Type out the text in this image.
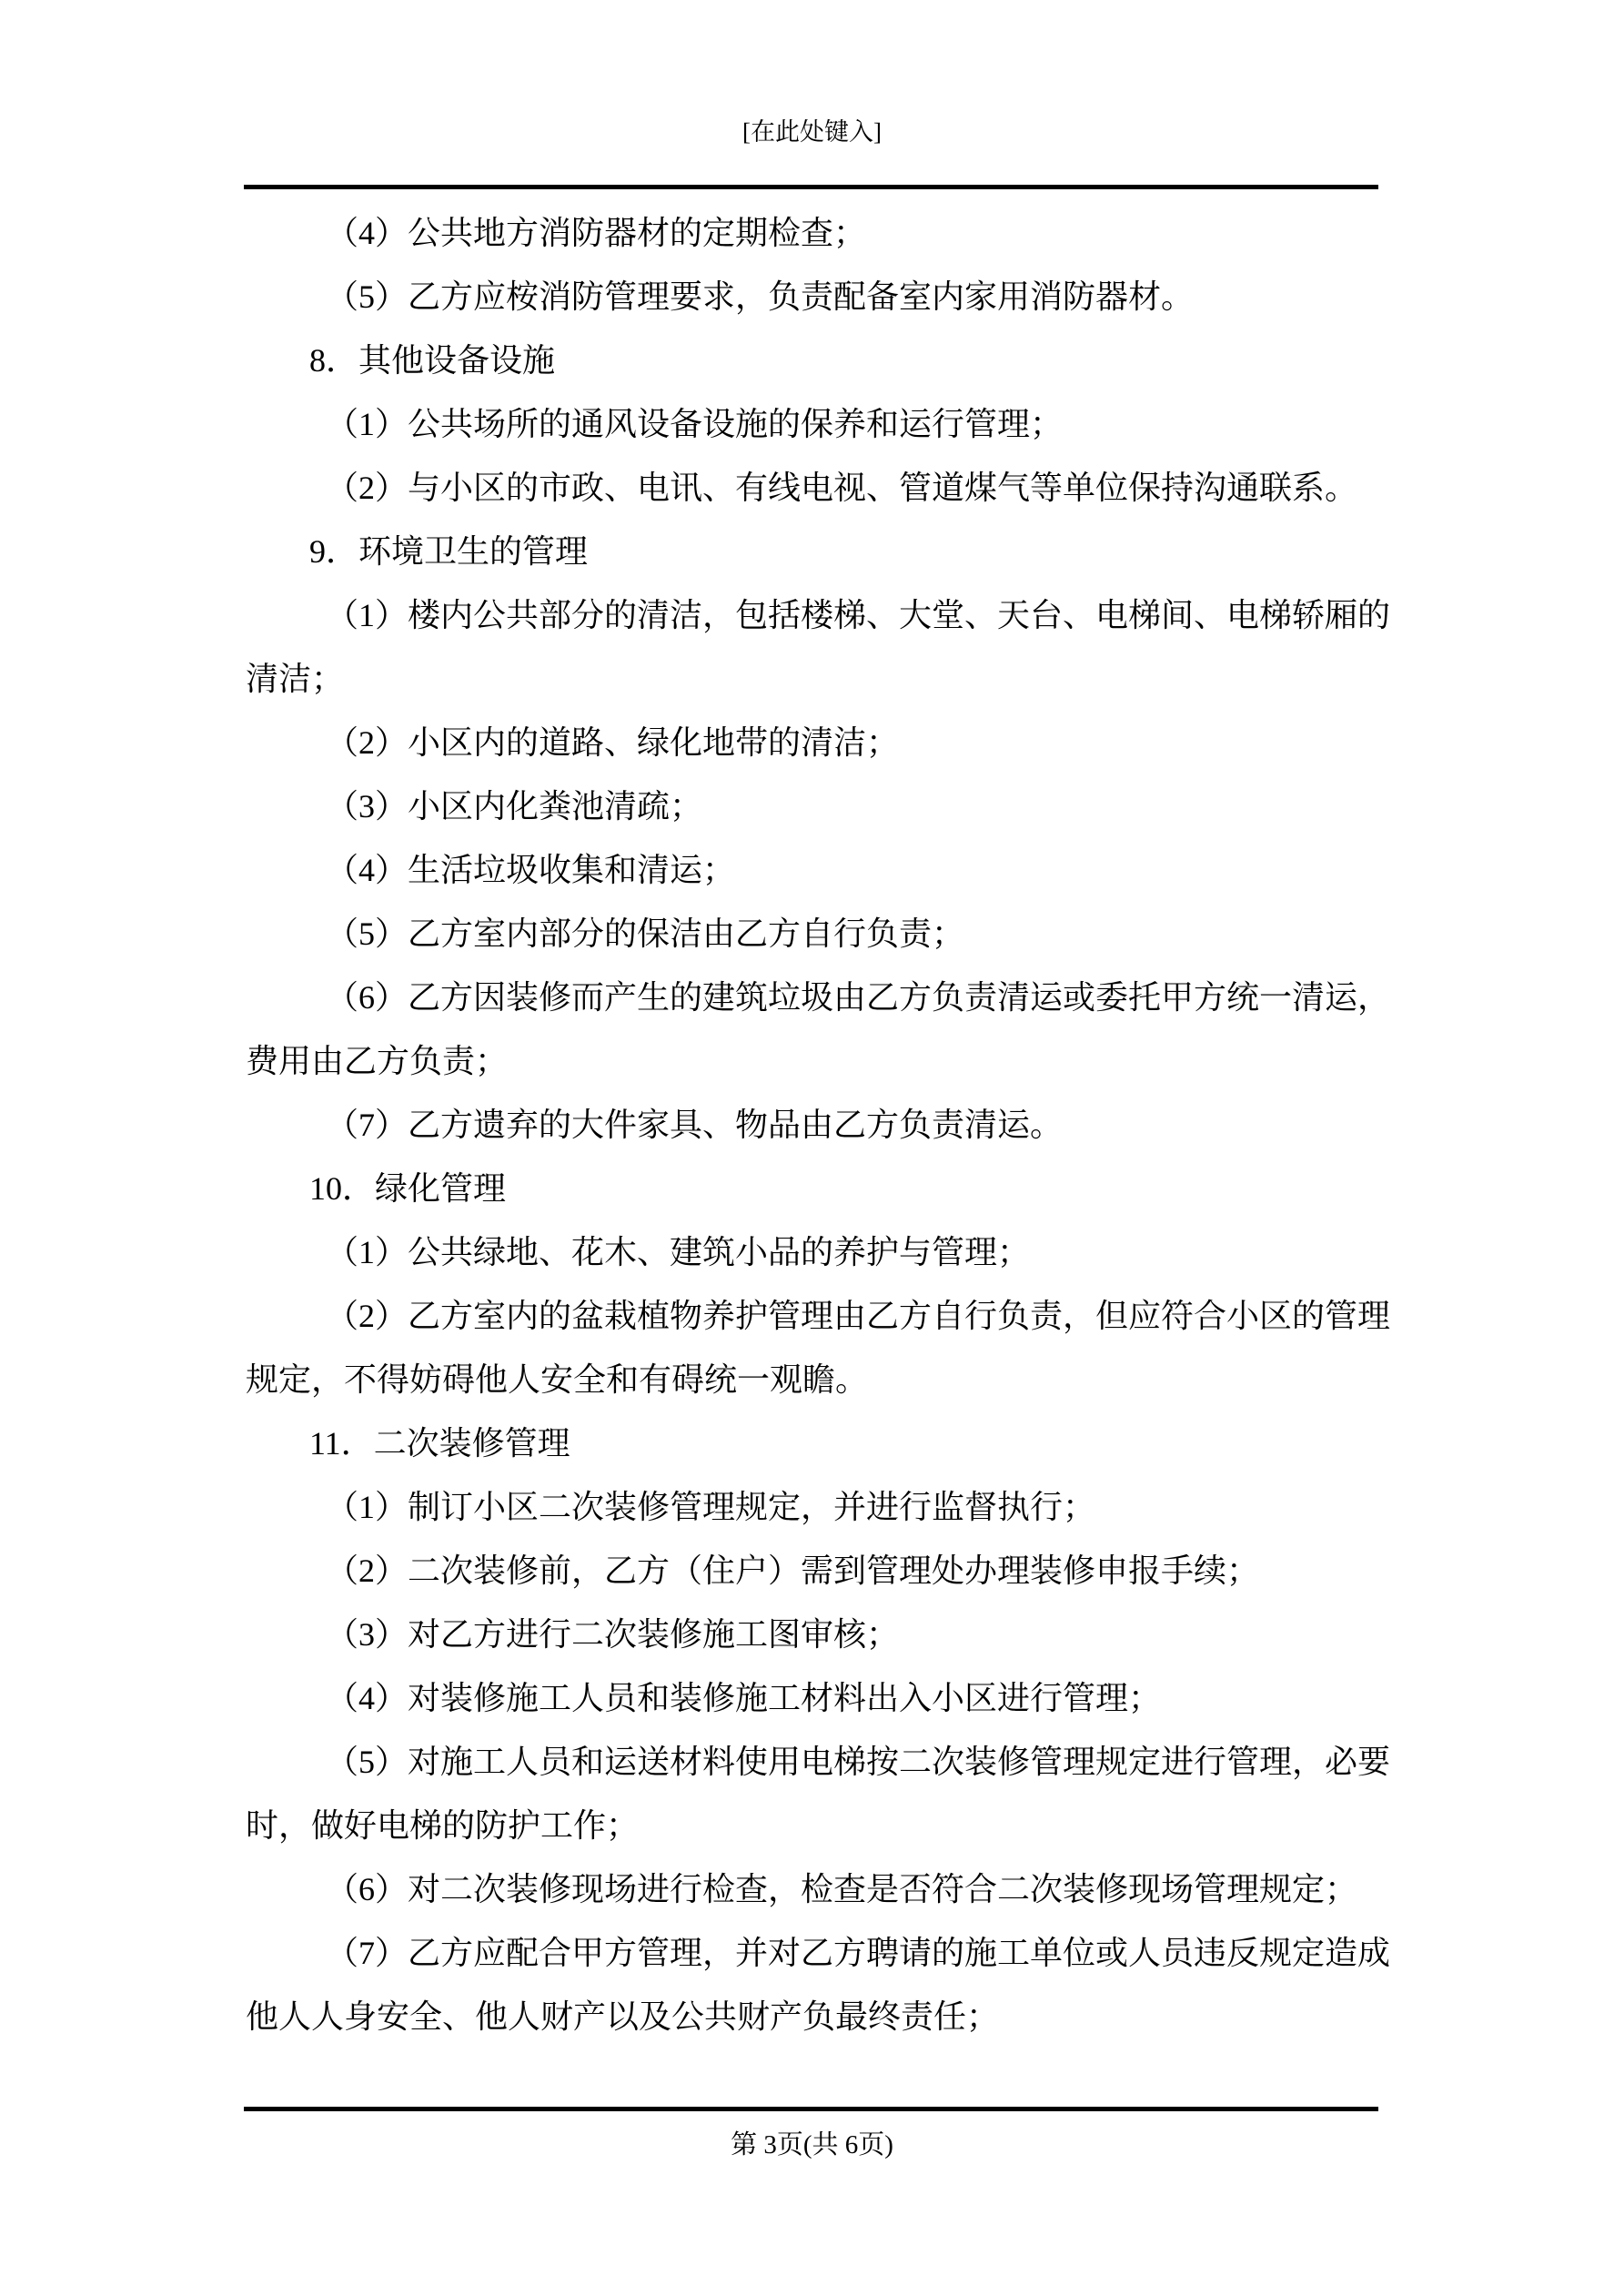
[在此处键入]
（4）公共地方消防器材的定期检查；
（5）乙方应桉消防管理要求，负责配备室内家用消防器材。
8．其他设备设施
（1）公共场所的通风设备设施的保养和运行管理；
（2）与小区的市政、电讯、有线电视、管道煤气等单位保持沟通联系。
9．环境卫生的管理
（1）楼内公共部分的清洁，包括楼梯、大堂、天台、电梯间、电梯轿厢的
清洁；
（2）小区内的道路、绿化地带的清洁；
（3）小区内化粪池清疏；
（4）生活垃圾收集和清运；
（5）乙方室内部分的保洁由乙方自行负责；
（6）乙方因装修而产生的建筑垃圾由乙方负责清运或委托甲方统一清运，
费用由乙方负责；
（7）乙方遗弃的大件家具、物品由乙方负责清运。
10．绿化管理
（1）公共绿地、花木、建筑小品的养护与管理；
（2）乙方室内的盆栽植物养护管理由乙方自行负责，但应符合小区的管理
规定，不得妨碍他人安全和有碍统一观瞻。
11．二次装修管理
（1）制订小区二次装修管理规定，并进行监督执行；
（2）二次装修前，乙方（住户）需到管理处办理装修申报手续；
（3）对乙方进行二次装修施工图审核；
（4）对装修施工人员和装修施工材料出入小区进行管理；
（5）对施工人员和运送材料使用电梯按二次装修管理规定进行管理，必要
时，做好电梯的防护工作；
（6）对二次装修现场进行检查，检查是否符合二次装修现场管理规定；
（7）乙方应配合甲方管理，并对乙方聘请的施工单位或人员违反规定造成
他人人身安全、他人财产以及公共财产负最终责任；
第 3页(共 6页)
